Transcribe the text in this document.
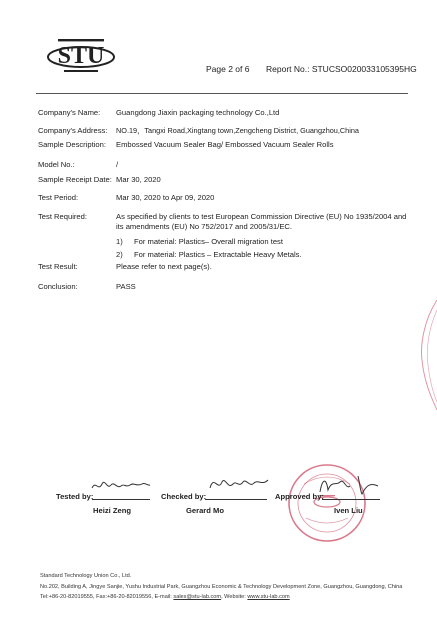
STU	Page 2 of 6 Report No.: STUCSO020033105395HG
Company's Name: Guangdong Jiaxin packaging technology Co.,Ltd
Company's Address: NO.19，Tangxi Road,Xingtang town,Zengcheng District, Guangzhou,China
Sample Description: Embossed Vacuum Sealer Bag/ Embossed Vacuum Sealer Rolls
Model No.:	/
Sample Receipt Date: Mar 30, 2020
Test Period:	Mar 30, 2020 to Apr 09, 2020
Test Required:	As specified by clients to test European Commission Directive (EU) No 1935/2004 and its amendments (EU) No 752/2017 and 2005/31/EC.
1) For material: Plastics– Overall migration test
2) For material: Plastics – Extractable Heavy Metals.
Test Result:	Please refer to next page(s).
Conclusion:	PASS
Tested by:
Heizi Zeng
Checked by:
Gerard Mo
Approved by:
Iven Liu
Standard Technology Union Co., Ltd.
No.202, Building A, Jingye Sanjie, Yushu Industrial Park, Guangzhou Economic & Technology Development Zone, Guangzhou, Guangdong, China
Tel:+86-20-82019555, Fax:+86-20-82019556, E-mail: sales@stu-lab.com, Website: www.stu-lab.com
